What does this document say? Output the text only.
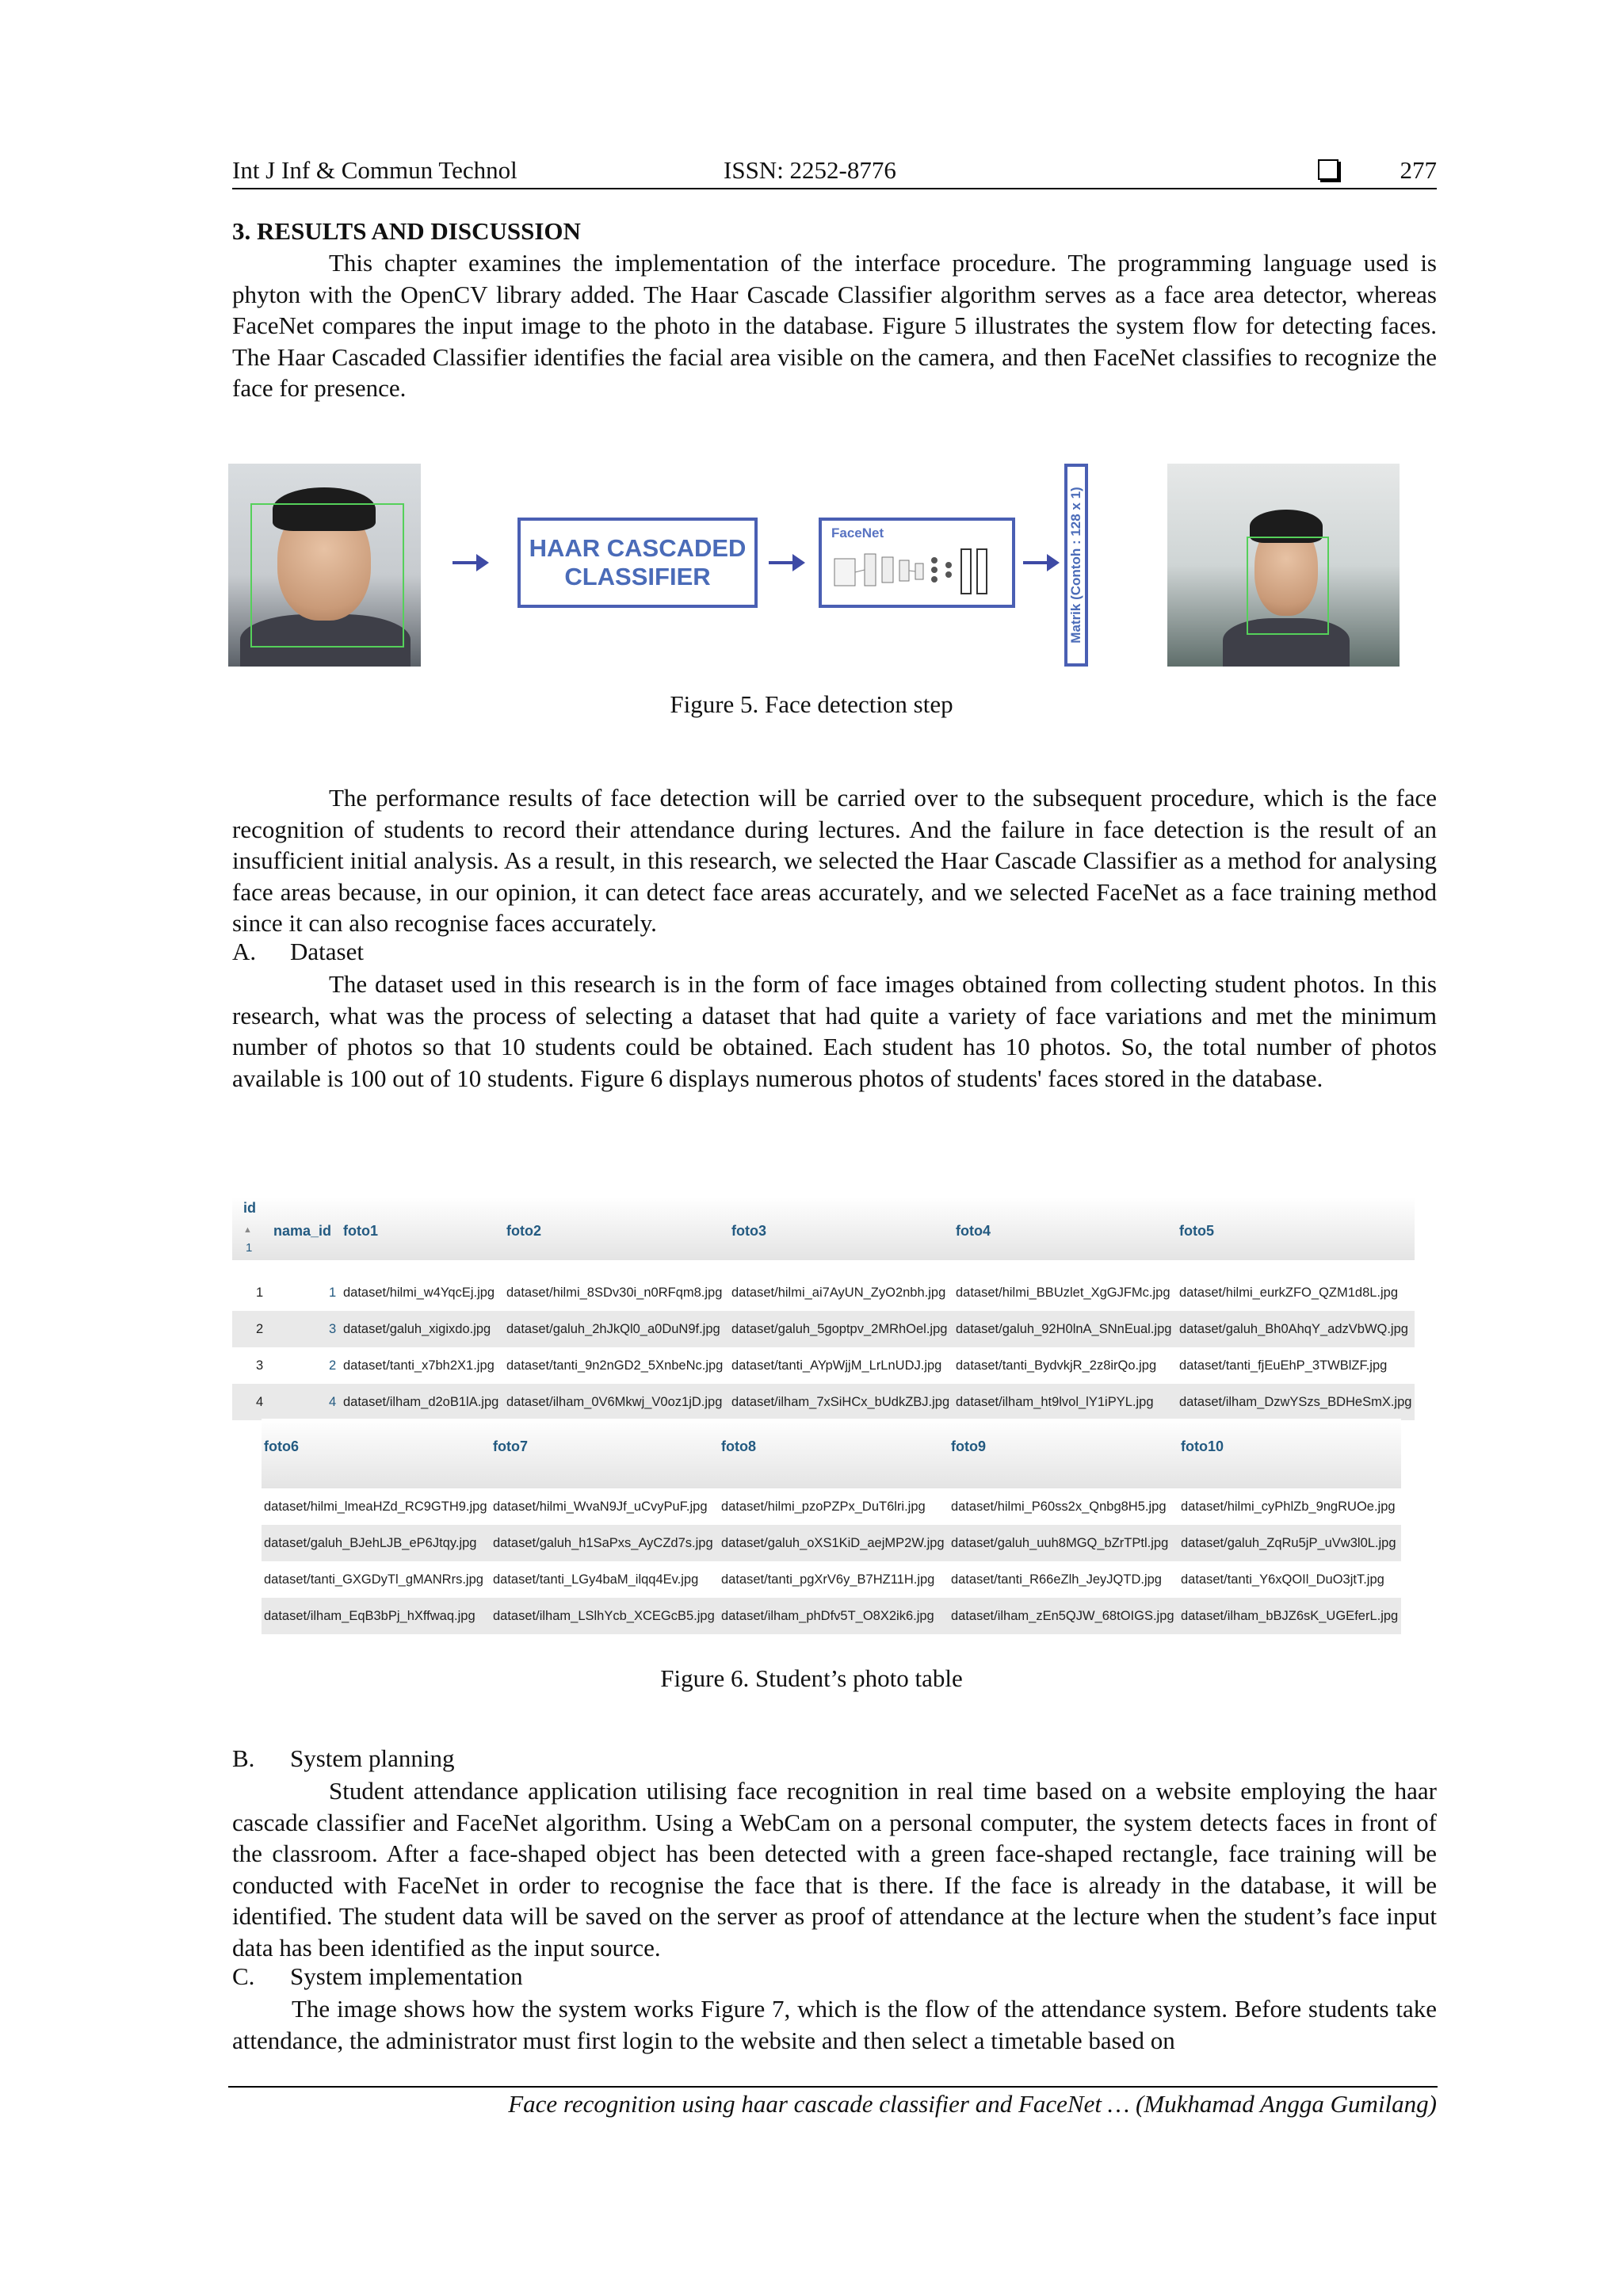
Int J Inf & Commun Technol	ISSN: 2252-8776	277
3. RESULTS AND DISCUSSION
This chapter examines the implementation of the interface procedure. The programming language used is phyton with the OpenCV library added. The Haar Cascade Classifier algorithm serves as a face area detector, whereas FaceNet compares the input image to the photo in the database. Figure 5 illustrates the system flow for detecting faces. The Haar Cascaded Classifier identifies the facial area visible on the camera, and then FaceNet classifies to recognize the face for presence.
HAAR CASCADED
CLASSIFIER
FaceNet	Matrik (Contoh : 128 x 1)
Figure 5. Face detection step
The performance results of face detection will be carried over to the subsequent procedure, which is the face recognition of students to record their attendance during lectures. And the failure in face detection is the result of an insufficient initial analysis. As a result, in this research, we selected the Haar Cascade Classifier as a method for analysing face areas because, in our opinion, it can detect face areas accurately, and we selected FaceNet as a face training method since it can also recognise faces accurately.
A. Dataset
The dataset used in this research is in the form of face images obtained from collecting student photos. In this research, what was the process of selecting a dataset that had quite a variety of face variations and met the minimum number of photos so that 10 students could be obtained. Each student has 10 photos. So, the total number of photos available is 100 out of 10 students. Figure 6 displays numerous photos of students' faces stored in the database.
id
▲
1
nama_id foto1	foto2	foto3	foto4	foto5
1	1 dataset/hilmi_w4YqcEj.jpg dataset/hilmi_8SDv30i_n0RFqm8.jpg dataset/hilmi_ai7AyUN_ZyO2nbh.jpg dataset/hilmi_BBUzlet_XgGJFMc.jpg dataset/hilmi_eurkZFO_QZM1d8L.jpg
2	3 dataset/galuh_xigixdo.jpg	dataset/galuh_2hJkQl0_a0DuN9f.jpg dataset/galuh_5goptpv_2MRhOel.jpg dataset/galuh_92H0lnA_SNnEual.jpg dataset/galuh_Bh0AhqY_adzVbWQ.jpg
3	2 dataset/tanti_x7bh2X1.jpg dataset/tanti_9n2nGD2_5XnbeNc.jpg dataset/tanti_AYpWjjM_LrLnUDJ.jpg	dataset/tanti_BydvkjR_2z8irQo.jpg	dataset/tanti_fjEuEhP_3TWBlZF.jpg
4	4 dataset/ilham_d2oB1lA.jpg dataset/ilham_0V6Mkwj_V0oz1jD.jpg dataset/ilham_7xSiHCx_bUdkZBJ.jpg dataset/ilham_ht9lvol_lY1iPYL.jpg	dataset/ilham_DzwYSzs_BDHeSmX.jpg
foto6	foto7	foto8	foto9	foto10
dataset/hilmi_lmeaHZd_RC9GTH9.jpg dataset/hilmi_WvaN9Jf_uCvyPuF.jpg	dataset/hilmi_pzoPZPx_DuT6lri.jpg	dataset/hilmi_P60ss2x_Qnbg8H5.jpg	dataset/hilmi_cyPhlZb_9ngRUOe.jpg
dataset/galuh_BJehLJB_eP6Jtqy.jpg	dataset/galuh_h1SaPxs_AyCZd7s.jpg dataset/galuh_oXS1KiD_aejMP2W.jpg dataset/galuh_uuh8MGQ_bZrTPtl.jpg dataset/galuh_ZqRu5jP_uVw3l0L.jpg
dataset/tanti_GXGDyTl_gMANRrs.jpg dataset/tanti_LGy4baM_ilqq4Ev.jpg	dataset/tanti_pgXrV6y_B7HZ11H.jpg	dataset/tanti_R66eZlh_JeyJQTD.jpg	dataset/tanti_Y6xQOIl_DuO3jtT.jpg
dataset/ilham_EqB3bPj_hXffwaq.jpg	dataset/ilham_LSlhYcb_XCEGcB5.jpg dataset/ilham_phDfv5T_O8X2ik6.jpg	dataset/ilham_zEn5QJW_68tOIGS.jpg dataset/ilham_bBJZ6sK_UGEferL.jpg
Figure 6. Student’s photo table
B. System planning
Student attendance application utilising face recognition in real time based on a website employing the haar cascade classifier and FaceNet algorithm. Using a WebCam on a personal computer, the system detects faces in front of the classroom. After a face-shaped object has been detected with a green face-shaped rectangle, face training will be conducted with FaceNet in order to recognise the face that is there. If the face is already in the database, it will be identified. The student data will be saved on the server as proof of attendance at the lecture when the student’s face input data has been identified as the input source.
C. System implementation
The image shows how the system works Figure 7, which is the flow of the attendance system. Before students take attendance, the administrator must first login to the website and then select a timetable based on
Face recognition using haar cascade classifier and FaceNet … (Mukhamad Angga Gumilang)
